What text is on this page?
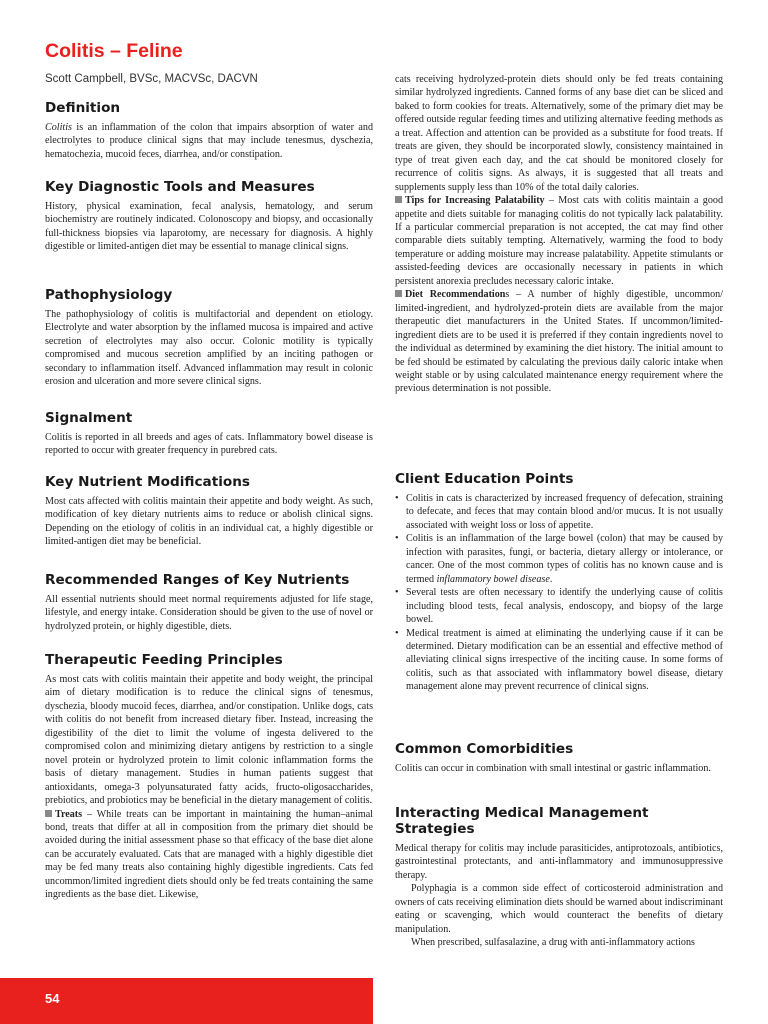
Colitis – Feline
Scott Campbell, BVSc, MACVSc, DACVN
Definition

Colitis is an inflammation of the colon that impairs absorption of water and electrolytes to produce clinical signs that may include tenesmus, dyschezia, hematochezia, mucoid feces, diarrhea, and/or constipation.

Key Diagnostic Tools and Measures

History, physical examination, fecal analysis, hematology, and serum biochemistry are routinely indicated. Colonoscopy and biopsy, and occasionally full-thickness biopsies via laparotomy, are necessary for diagnosis. A highly digestible or limited-antigen diet may be essential to manage clinical signs.

Pathophysiology

The pathophysiology of colitis is multifactorial and dependent on etiology. Electrolyte and water absorption by the inflamed mucosa is impaired and active secretion of electrolytes may also occur. Colonic motility is typically compromised and mucous secretion amplified by an inciting pathogen or secondary to inflammation itself. Advanced inflammation may result in colonic erosion and ulceration and more severe clinical signs.

Signalment

Colitis is reported in all breeds and ages of cats. Inflammatory bowel disease is reported to occur with greater frequency in purebred cats.

Key Nutrient Modifications

Most cats affected with colitis maintain their appetite and body weight. As such, modification of key dietary nutrients aims to reduce or abolish clinical signs. Depending on the etiology of colitis in an individual cat, a highly digestible or limited-antigen diet may be beneficial.

Recommended Ranges of Key Nutrients

All essential nutrients should meet normal requirements adjusted for life stage, lifestyle, and energy intake. Consideration should be given to the use of novel or hydrolyzed protein, or highly digestible, diets.

Therapeutic Feeding Principles

As most cats with colitis maintain their appetite and body weight, the principal aim of dietary modification is to reduce the clinical signs of tenesmus, dyschezia, bloody mucoid feces, diarrhea, and/or constipation. Unlike dogs, cats with colitis do not benefit from increased dietary fiber. Instead, increasing the digestibility of the diet to limit the volume of ingesta delivered to the compromised colon and minimizing dietary antigens by restriction to a single novel protein or hydrolyzed protein to limit colonic inflammation forms the basis of dietary management. Studies in human patients suggest that antioxidants, omega-3 polyunsaturated fatty acids, fructo-oligosaccharides, prebiotics, and probiotics may be beneficial in the dietary management of colitis.

Treats – While treats can be important in maintaining the human–animal bond, treats that differ at all in composition from the primary diet should be avoided during the initial assessment phase so that efficacy of the base diet alone can be accurately evaluated. Cats that are managed with a highly digestible diet may be fed many treats also containing highly digestible ingredients. Cats fed uncommon/limited ingredient diets should only be fed treats containing the same ingredients as the base diet. Likewise,

cats receiving hydrolyzed-protein diets should only be fed treats containing similar hydrolyzed ingredients. Canned forms of any base diet can be sliced and baked to form cookies for treats. Alternatively, some of the primary diet may be offered outside regular feeding times and utilizing alternative feeding methods as a treat. Affection and attention can be provided as a substitute for food treats. If treats are given, they should be incorporated slowly, consistency maintained in type of treat given each day, and the cat should be monitored closely for recurrence of colitis signs. As always, it is suggested that all treats and supplements supply less than 10% of the total daily calories.

Tips for Increasing Palatability – Most cats with colitis maintain a good appetite and diets suitable for managing colitis do not typically lack palatability. If a particular commercial preparation is not accepted, the cat may find other comparable diets suitably tempting. Alternatively, warming the food to body temperature or adding moisture may increase palatability. Appetite stimulants or assisted-feeding devices are occasionally necessary in patients in which persistent anorexia precludes necessary caloric intake.

Diet Recommendations – A number of highly digestible, uncommon/ limited-ingredient, and hydrolyzed-protein diets are available from the major therapeutic diet manufacturers in the United States. If uncommon/limited-ingredient diets are to be used it is preferred if they contain ingredients novel to the individual as determined by examining the diet history. The initial amount to be fed should be estimated by calculating the previous daily caloric intake when weight stable or by using calculated maintenance energy requirement where the previous determination is not possible.

Client Education Points
• Colitis in cats is characterized by increased frequency of defecation, straining to defecate, and feces that may contain blood and/or mucus. It is not usually associated with weight loss or loss of appetite.
• Colitis is an inflammation of the large bowel (colon) that may be caused by infection with parasites, fungi, or bacteria, dietary allergy or intolerance, or cancer. One of the most common types of colitis has no known cause and is termed inflammatory bowel disease.
• Several tests are often necessary to identify the underlying cause of colitis including blood tests, fecal analysis, endoscopy, and biopsy of the large bowel.
• Medical treatment is aimed at eliminating the underlying cause if it can be determined. Dietary modification can be an essential and effective method of alleviating clinical signs irrespective of the inciting cause. In some forms of colitis, such as that associated with inflammatory bowel disease, dietary management alone may prevent recurrence of clinical signs.
Common Comorbidities

Colitis can occur in combination with small intestinal or gastric inflammation.

Interacting Medical Management Strategies

Medical therapy for colitis may include parasiticides, antiprotozoals, antibiotics, gastrointestinal protectants, and anti-inflammatory and immunosuppressive therapy.

Polyphagia is a common side effect of corticosteroid administration and owners of cats receiving elimination diets should be warned about indiscriminant eating or scavenging, which would counteract the benefits of dietary manipulation.

When prescribed, sulfasalazine, a drug with anti-inflammatory actions

54
